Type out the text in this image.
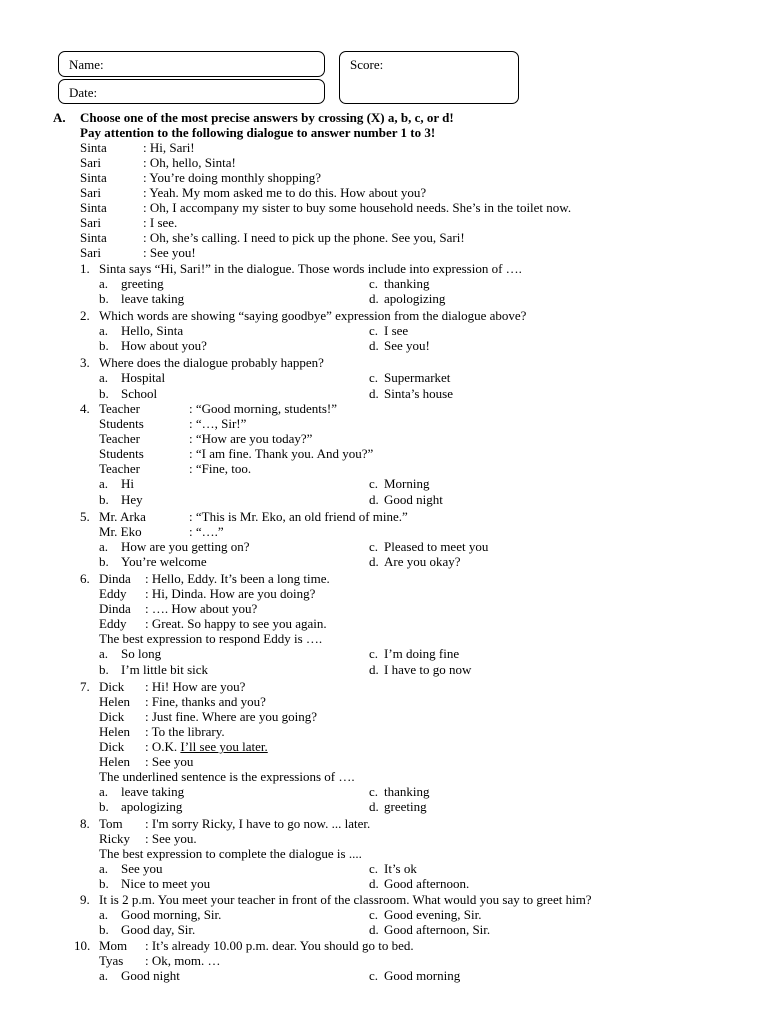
Name:
Date:
Score:
A. Choose one of the most precise answers by crossing (X) a, b, c, or d!
Pay attention to the following dialogue to answer number 1 to 3!
Sinta	: Hi, Sari!
Sari	: Oh, hello, Sinta!
Sinta	: You’re doing monthly shopping?
Sari	: Yeah. My mom asked me to do this. How about you?
Sinta	: Oh, I accompany my sister to buy some household needs. She’s in the toilet now.
Sari	: I see.
Sinta	: Oh, she’s calling. I need to pick up the phone. See you, Sari!
Sari	: See you!
1. Sinta says “Hi, Sari!” in the dialogue. Those words include into expression of ….
a. greeting	c. thanking
b. leave taking	d. apologizing
2. Which words are showing “saying goodbye” expression from the dialogue above?
a. Hello, Sinta	c. I see
b. How about you?	d. See you!
3. Where does the dialogue probably happen?
a. Hospital	c. Supermarket
b. School	d. Sinta’s house
4. Teacher	: “Good morning, students!”
Students	: “…, Sir!”
Teacher	: “How are you today?”
Students	: “I am fine. Thank you. And you?”
Teacher	: “Fine, too.
a. Hi	c. Morning
b. Hey	d. Good night
5. Mr. Arka	: “This is Mr. Eko, an old friend of mine.”
Mr. Eko	: “….”
a. How are you getting on?	c. Pleased to meet you
b. You’re welcome	d. Are you okay?
6. Dinda : Hello, Eddy. It’s been a long time.
Eddy : Hi, Dinda. How are you doing?
Dinda : …. How about you?
Eddy : Great. So happy to see you again.
The best expression to respond Eddy is ….
a. So long	c. I’m doing fine
b. I’m little bit sick	d. I have to go now
7. Dick : Hi! How are you?
Helen : Fine, thanks and you?
Dick : Just fine. Where are you going?
Helen : To the library.
Dick : O.K. I’ll see you later.
Helen : See you
The underlined sentence is the expressions of ….
a. leave taking	c. thanking
b. apologizing	d. greeting
8. Tom : I'm sorry Ricky, I have to go now. ... later.
Ricky : See you.
The best expression to complete the dialogue is ....
a. See you	c. It’s ok
b. Nice to meet you	d. Good afternoon.
9. It is 2 p.m. You meet your teacher in front of the classroom. What would you say to greet him?
a. Good morning, Sir.	c. Good evening, Sir.
b. Good day, Sir.	d. Good afternoon, Sir.
10. Mom : It’s already 10.00 p.m. dear. You should go to bed.
Tyas : Ok, mom. …
a. Good night	c. Good morning
